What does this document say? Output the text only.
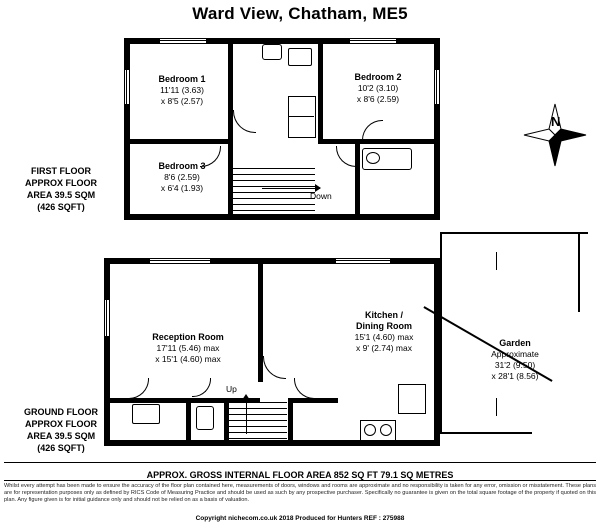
Ward View, Chatham, ME5
Down
Bedroom 1
11'11 (3.63)
x 8'5 (2.57)
Bedroom 2
10'2 (3.10)
x 8'6 (2.59)
Bedroom 3
8'6 (2.59)
x 6'4 (1.93)
FIRST FLOOR
APPROX FLOOR
AREA 39.5 SQM
(426 SQFT)
Up
Garden
Approximate
31'2 (9.50)
x 28'1 (8.56)
Reception Room
17'11 (5.46) max
x 15'1 (4.60) max
Kitchen /
Dining Room
15'1 (4.60) max
x 9' (2.74) max
GROUND FLOOR
APPROX FLOOR
AREA 39.5 SQM
(426 SQFT)
N
APPROX. GROSS INTERNAL FLOOR AREA 852 SQ FT 79.1 SQ METRES
Whilst every attempt has been made to ensure the accuracy of the floor plan contained here, measurements of doors, windows and rooms are approximate and no responsibility is taken for any error, omission or misstatement. These plans are for representation purposes only as defined by RICS Code of Measuring Practice and should be used as such by any prospective purchaser. Specifically no guarantee is given on the total square footage of the property if quoted on this plan. Any figure given is for initial guidance only and should not be relied on as a basis of valuation.
Copyright nichecom.co.uk 2018 Produced for Hunters REF : 275988
